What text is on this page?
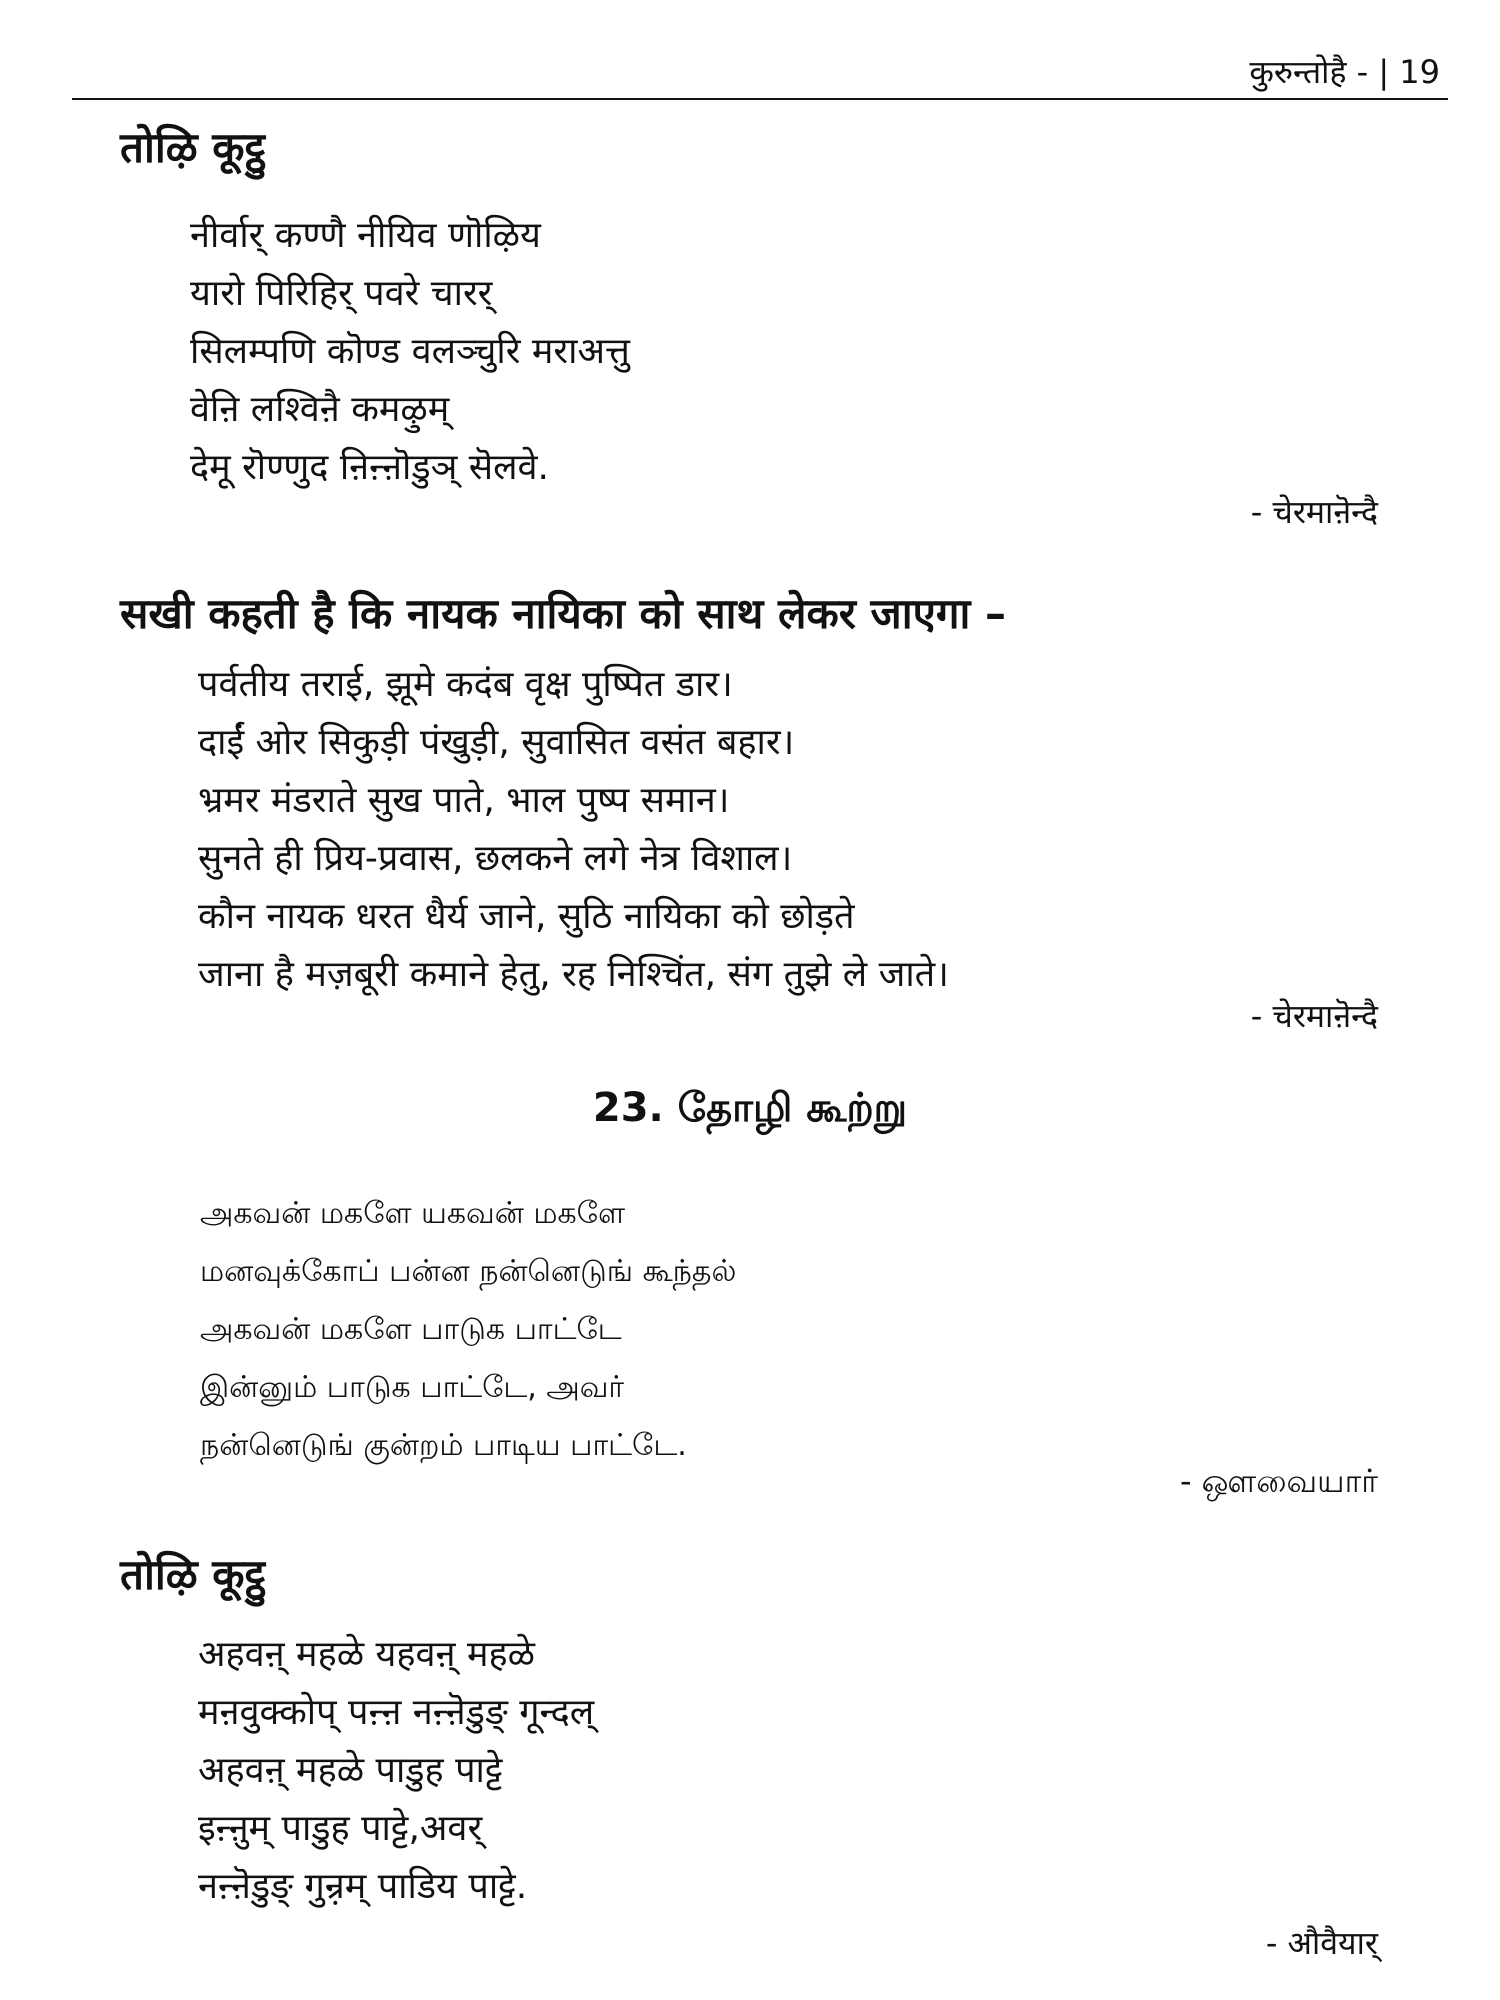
कुरुन्तोहै - | 19
तोऴि कूट्ठु
नीर्वार् कण्णै नीयिव णॊऴिय
यारो पिरिहिर् पवरे चारर्
सिलम्पणि कॊण्ड वलञ्चुरि मराअत्तु
वेऩि लश्विऩै कमऴुम्
देमू रॊण्णुद ऩिऩ्ऩॊडुञ् सॆलवे.
- चेरमाऩॆन्दै
सखी कहती है कि नायक नायिका को साथ लेकर जाएगा –
पर्वतीय तराई, झूमे कदंब वृक्ष पुष्पित डार।
दाईं ओर सिकुड़ी पंखुड़ी, सुवासित वसंत बहार।
भ्रमर मंडराते सुख पाते, भाल पुष्प समान।
सुनते ही प्रिय-प्रवास, छलकने लगे नेत्र विशाल।
कौन नायक धरत धैर्य जाने, सुठि नायिका को छोड़ते
जाना है मज़बूरी कमाने हेतु, रह निश्चिंत, संग तुझे ले जाते।
- चेरमाऩॆन्दै
23. தோழி கூற்று
அகவன் மகளே யகவன் மகளே
மனவுக்கோப் பன்ன நன்னெடுங் கூந்தல்
அகவன் மகளே பாடுக பாட்டே
இன்னும் பாடுக பாட்டே, அவர்
நன்னெடுங் குன்றம் பாடிய பாட்டே.
- ஔவையார்
तोऴि कूट्ठु
अहवऩ् महळे यहवऩ् महळे
मऩवुक्कोप् पऩ्ऩ नऩ्ऩॆडुङ् गून्दल्
अहवऩ् महळे पाडुह पाट्टे
इऩ्ऩुम् पाडुह पाट्टे,अवर्
नऩ्ऩॆडुङ् गुऩ्रम् पाडिय पाट्टे.
- औवैयार्
